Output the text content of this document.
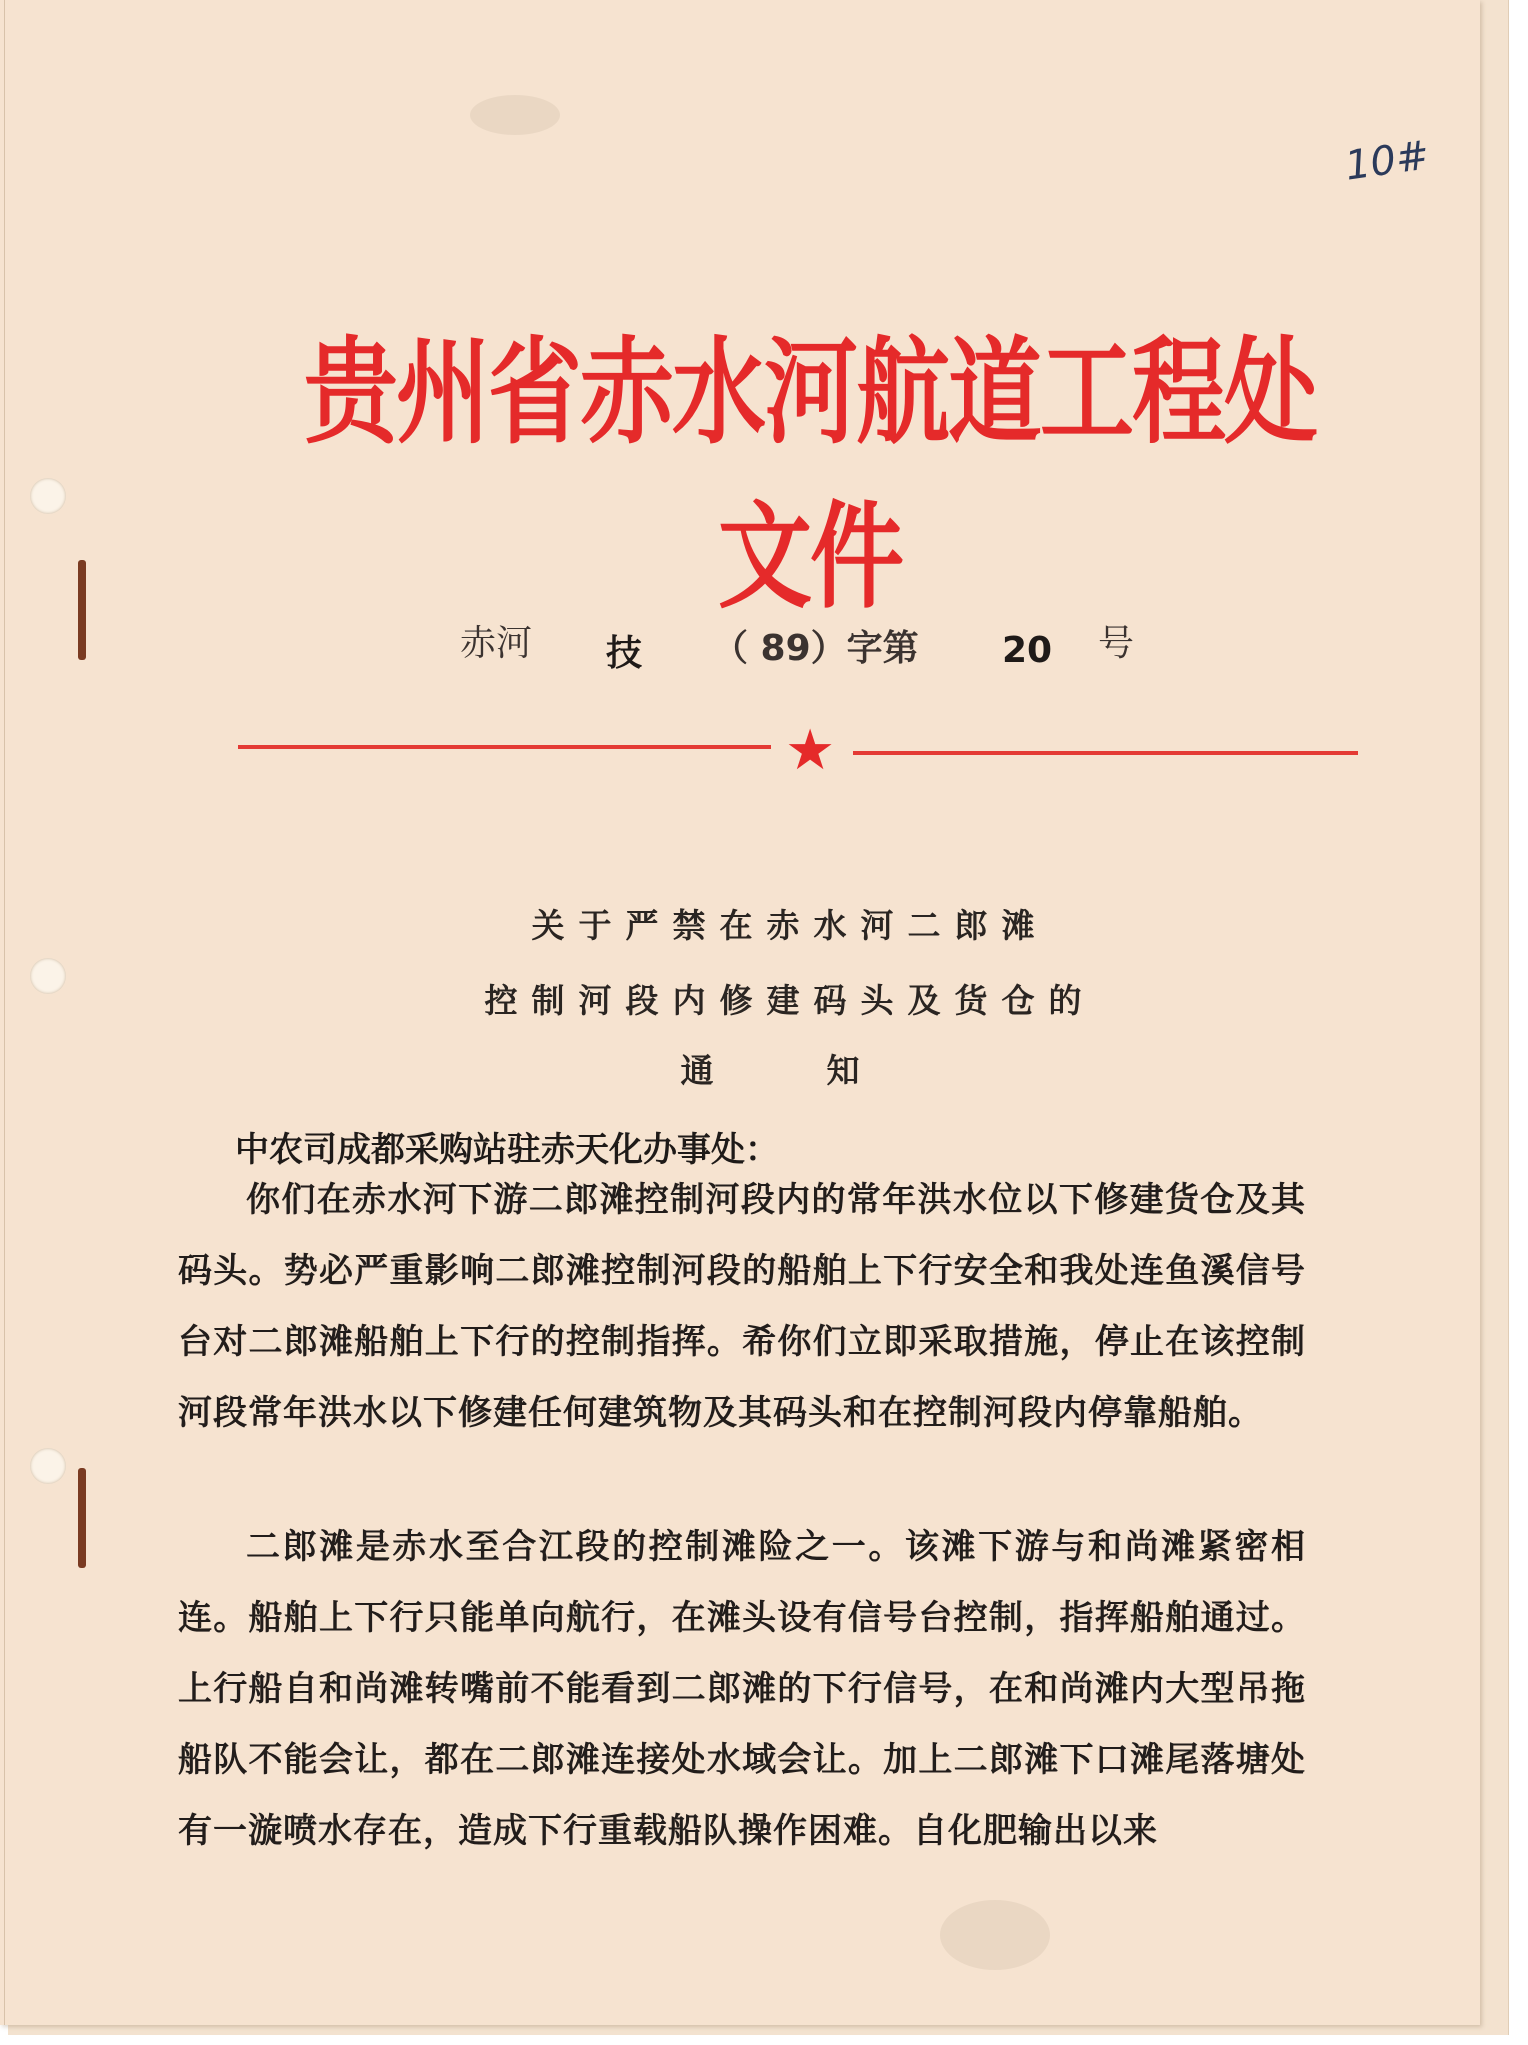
10#
贵州省赤水河航道工程处文件
赤河 技 （ 89）字第 20 号
★
关于严禁在赤水河二郎滩
控制河段内修建码头及货仓的
通　知
中农司成都采购站驻赤天化办事处：
你们在赤水河下游二郎滩控制河段内的常年洪水位以下修建货仓及其码头。势必严重影响二郎滩控制河段的船舶上下行安全和我处连鱼溪信号台对二郎滩船舶上下行的控制指挥。希你们立即采取措施，停止在该控制河段常年洪水以下修建任何建筑物及其码头和在控制河段内停靠船舶。
二郎滩是赤水至合江段的控制滩险之一。该滩下游与和尚滩紧密相连。船舶上下行只能单向航行，在滩头设有信号台控制，指挥船舶通过。上行船自和尚滩转嘴前不能看到二郎滩的下行信号，在和尚滩内大型吊拖船队不能会让，都在二郎滩连接处水域会让。加上二郎滩下口滩尾落塘处有一漩喷水存在，造成下行重载船队操作困难。自化肥输出以来
